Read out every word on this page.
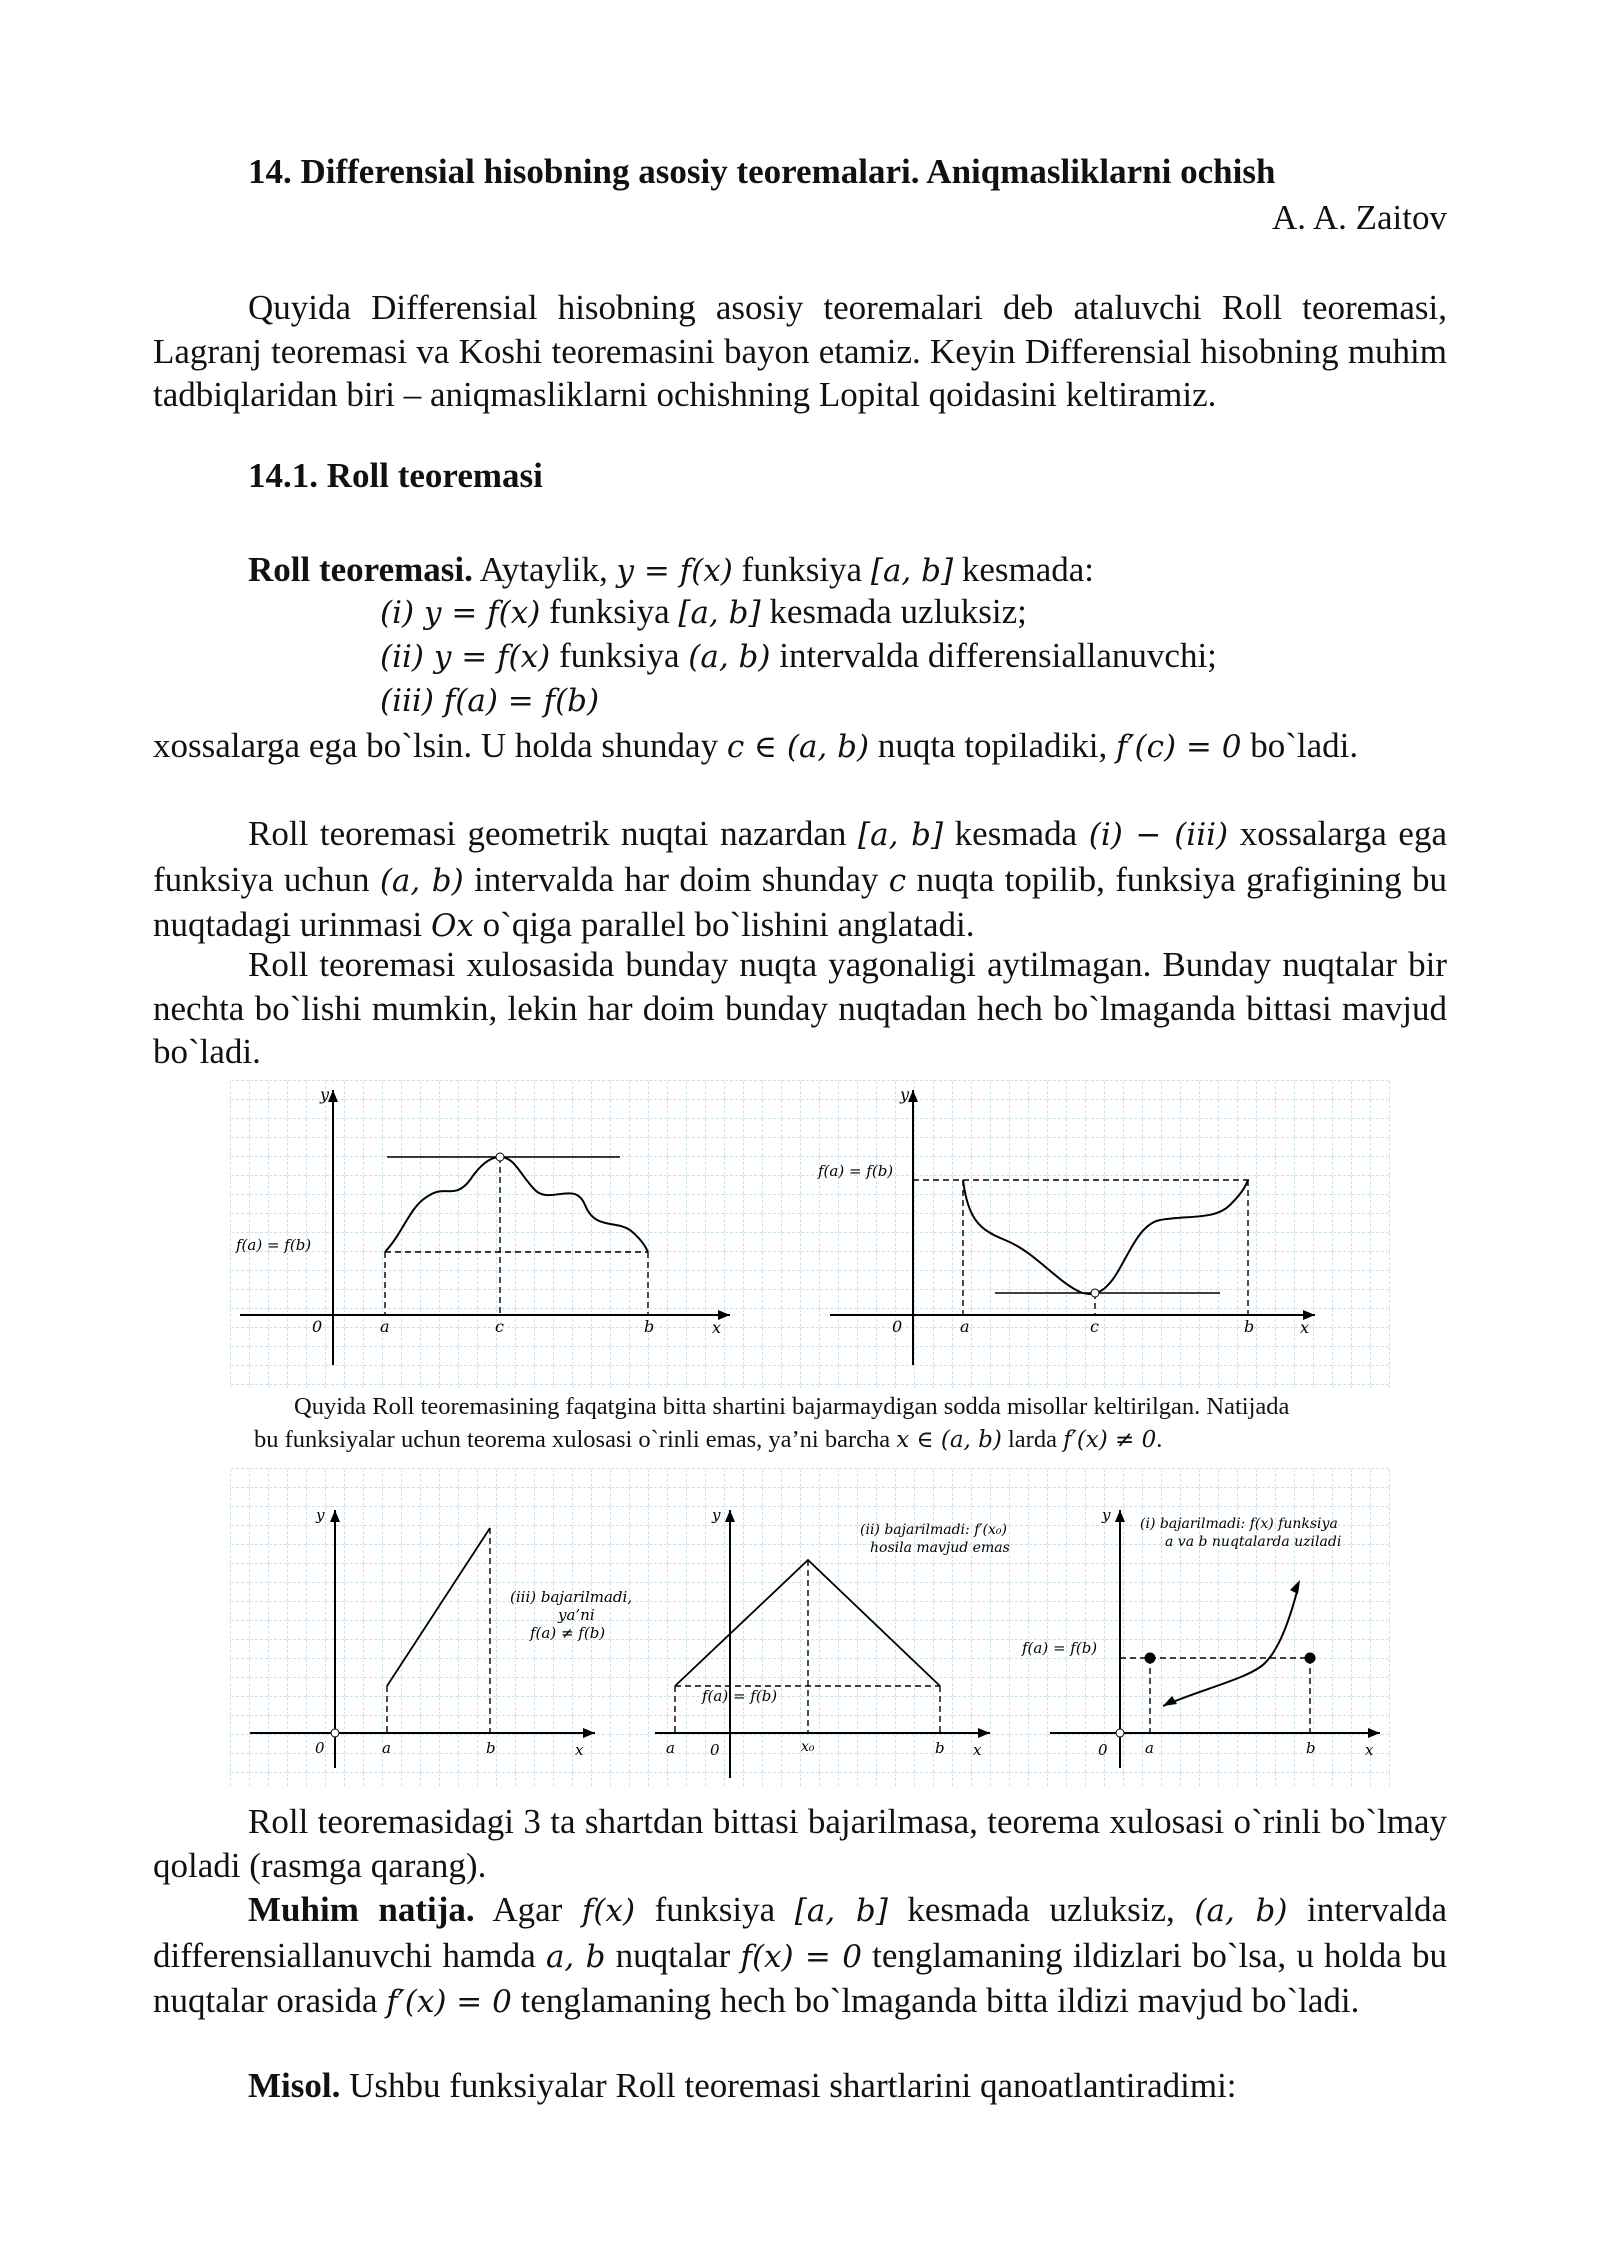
14. Differensial hisobning asosiy teoremalari. Aniqmasliklarni ochish
A. A. Zaitov
Quyida Differensial hisobning asosiy teoremalari deb ataluvchi Roll teoremasi, Lagranj teoremasi va Koshi teoremasini bayon etamiz. Keyin Differensial hisobning muhim tadbiqlaridan biri – aniqmasliklarni ochishning Lopital qoidasini keltiramiz.
14.1. Roll teoremasi
Roll teoremasi. Aytaylik, y = f(x) funksiya [a, b] kesmada:
(i) y = f(x) funksiya [a, b] kesmada uzluksiz;
(ii) y = f(x) funksiya (a, b) intervalda differensiallanuvchi;
(iii) f(a) = f(b)
xossalarga ega bo`lsin. U holda shunday c ∈ (a, b) nuqta topiladiki, f′(c) = 0 bo`ladi.
Roll teoremasi geometrik nuqtai nazardan [a, b] kesmada (i) − (iii) xossalarga ega funksiya uchun (a, b) intervalda har doim shunday c nuqta topilib, funksiya grafigining bu nuqtadagi urinmasi Ox o`qiga parallel bo`lishini anglatadi.
Roll teoremasi xulosasida bunday nuqta yagonaligi aytilmagan. Bunday nuqtalar bir nechta bo`lishi mumkin, lekin har doim bunday nuqtadan hech bo`lmaganda bittasi mavjud bo`ladi.
0
y
x
a	c	b
f(a) = f(b)
0
y
x
a	c	b
f(a) = f(b)
Quyida Roll teoremasining faqatgina bitta shartini bajarmaydigan sodda misollar keltirilgan. Natijada
bu funksiyalar uchun teorema xulosasi o`rinli emas, ya’ni barcha x ∈ (a, b) larda f′(x) ≠ 0.
0
y
x
a	b
(iii) bajarilmadi,
ya’ni
f(a) ≠ f(b)
0
y
x
a	b
x₀
f(a) = f(b)
(ii) bajarilmadi: f′(x₀)
hosila mavjud emas
0
y
x
a	b
f(a) = f(b)
(i) bajarilmadi: f(x) funksiya
a va b nuqtalarda uziladi
Roll teoremasidagi 3 ta shartdan bittasi bajarilmasa, teorema xulosasi o`rinli bo`lmay qoladi (rasmga qarang).
Muhim natija. Agar f(x) funksiya [a, b] kesmada uzluksiz, (a, b) intervalda differensiallanuvchi hamda a, b nuqtalar f(x) = 0 tenglamaning ildizlari bo`lsa, u holda bu nuqtalar orasida f′(x) = 0 tenglamaning hech bo`lmaganda bitta ildizi mavjud bo`ladi.
Misol. Ushbu funksiyalar Roll teoremasi shartlarini qanoatlantiradimi:
